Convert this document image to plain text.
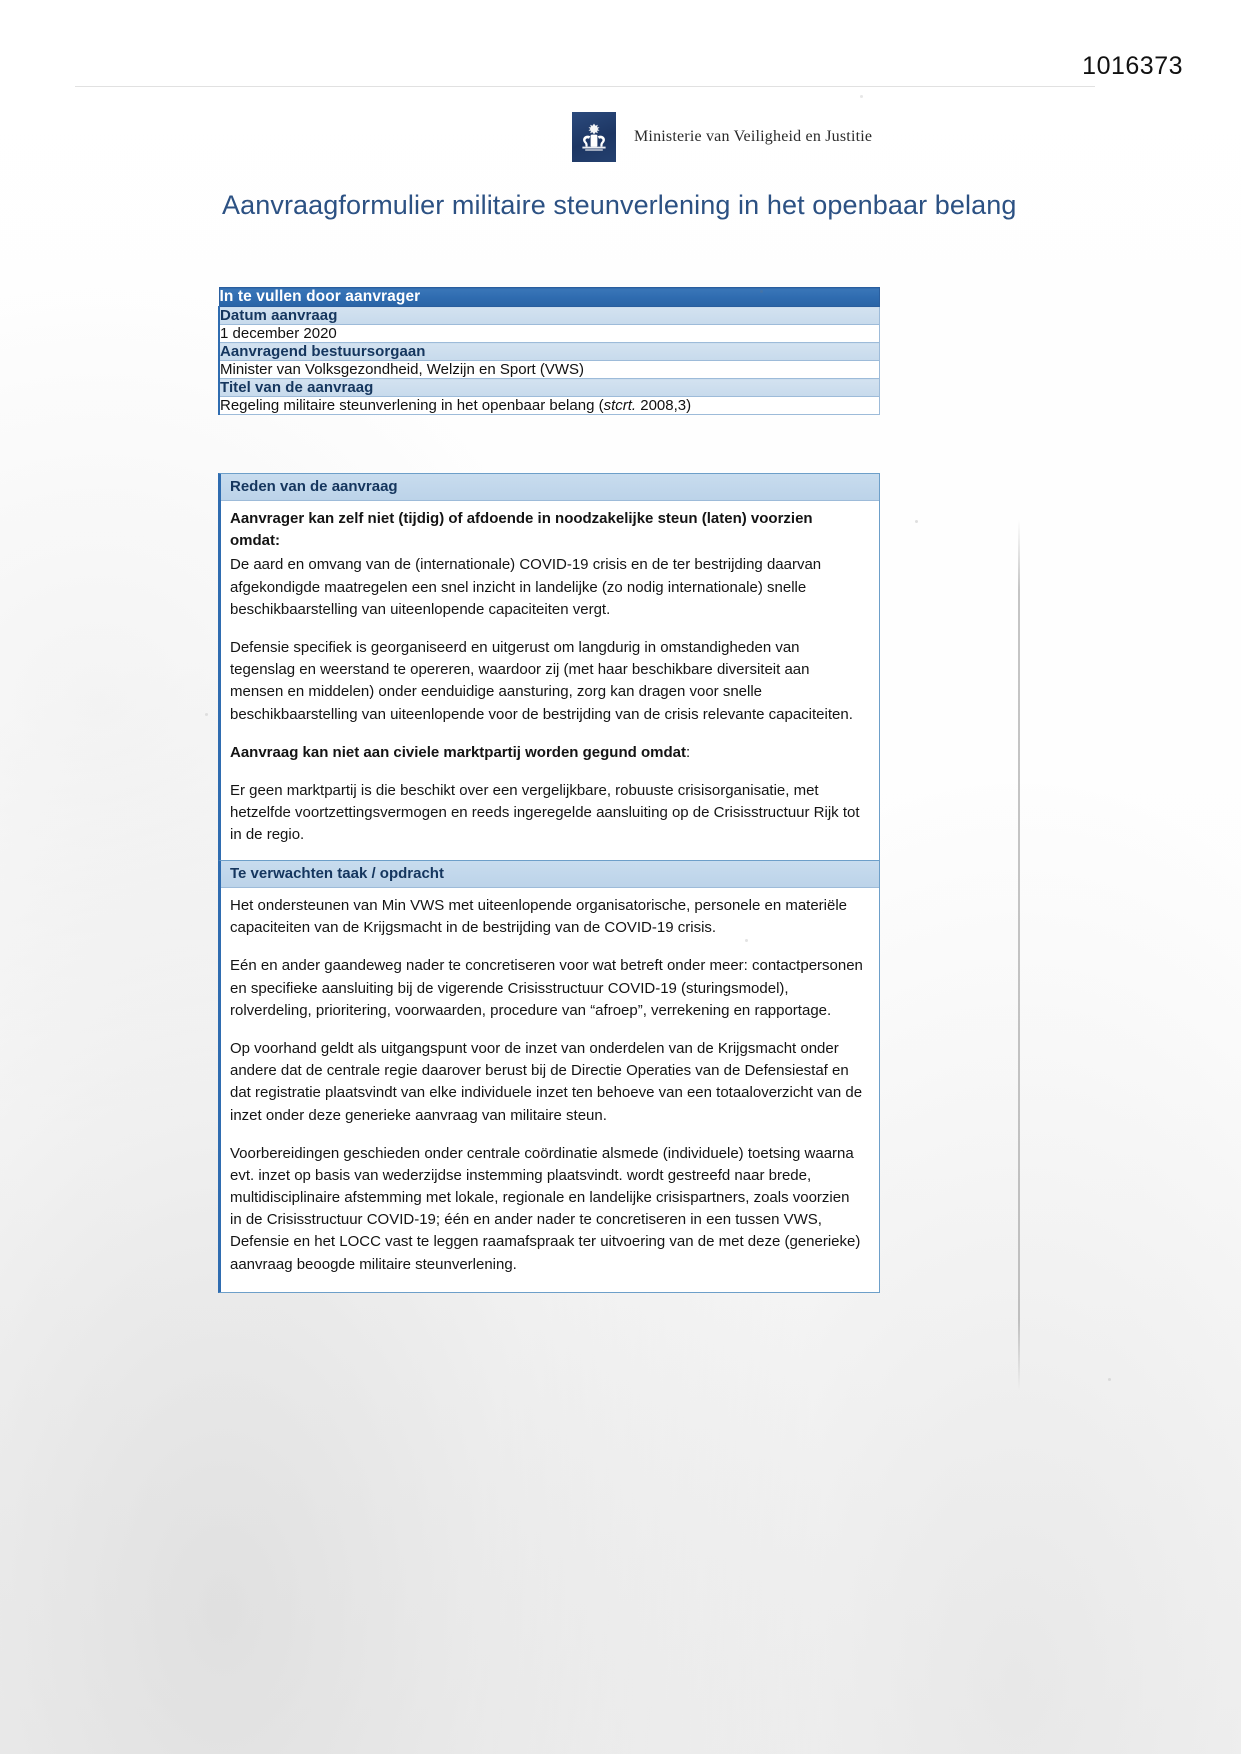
1016373
Ministerie van Veiligheid en Justitie
Aanvraagformulier militaire steunverlening in het openbaar belang
In te vullen door aanvrager
Datum aanvraag
1 december 2020
Aanvragend bestuursorgaan
Minister van Volksgezondheid, Welzijn en Sport (VWS)
Titel van de aanvraag
Regeling militaire steunverlening in het openbaar belang (stcrt. 2008,3)
Reden van de aanvraag

Aanvrager kan zelf niet (tijdig) of afdoende in noodzakelijke steun (laten) voorzien omdat:

De aard en omvang van de (internationale) COVID-19 crisis en de ter bestrijding daarvan afgekondigde maatregelen een snel inzicht in landelijke (zo nodig internationale) snelle beschikbaarstelling van uiteenlopende capaciteiten vergt.

Defensie specifiek is georganiseerd en uitgerust om langdurig in omstandigheden van tegenslag en weerstand te opereren, waardoor zij (met haar beschikbare diversiteit aan mensen en middelen) onder eenduidige aansturing, zorg kan dragen voor snelle beschikbaarstelling van uiteenlopende voor de bestrijding van de crisis relevante capaciteiten.

Aanvraag kan niet aan civiele marktpartij worden gegund omdat:

Er geen marktpartij is die beschikt over een vergelijkbare, robuuste crisisorganisatie, met hetzelfde voortzettingsvermogen en reeds ingeregelde aansluiting op de Crisisstructuur Rijk tot in de regio.

Te verwachten taak / opdracht

Het ondersteunen van Min VWS met uiteenlopende organisatorische, personele en materiële capaciteiten van de Krijgsmacht in de bestrijding van de COVID-19 crisis.

Eén en ander gaandeweg nader te concretiseren voor wat betreft onder meer: contactpersonen en specifieke aansluiting bij de vigerende Crisisstructuur COVID-19 (sturingsmodel), rolverdeling, prioritering, voorwaarden, procedure van “afroep”, verrekening en rapportage.

Op voorhand geldt als uitgangspunt voor de inzet van onderdelen van de Krijgsmacht onder andere dat de centrale regie daarover berust bij de Directie Operaties van de Defensiestaf en dat registratie plaatsvindt van elke individuele inzet ten behoeve van een totaaloverzicht van de inzet onder deze generieke aanvraag van militaire steun.

Voorbereidingen geschieden onder centrale coördinatie alsmede (individuele) toetsing waarna evt. inzet op basis van wederzijdse instemming plaatsvindt. wordt gestreefd naar brede, multidisciplinaire afstemming met lokale, regionale en landelijke crisispartners, zoals voorzien in de Crisisstructuur COVID-19; één en ander nader te concretiseren in een tussen VWS, Defensie en het LOCC vast te leggen raamafspraak ter uitvoering van de met deze (generieke) aanvraag beoogde militaire steunverlening.
